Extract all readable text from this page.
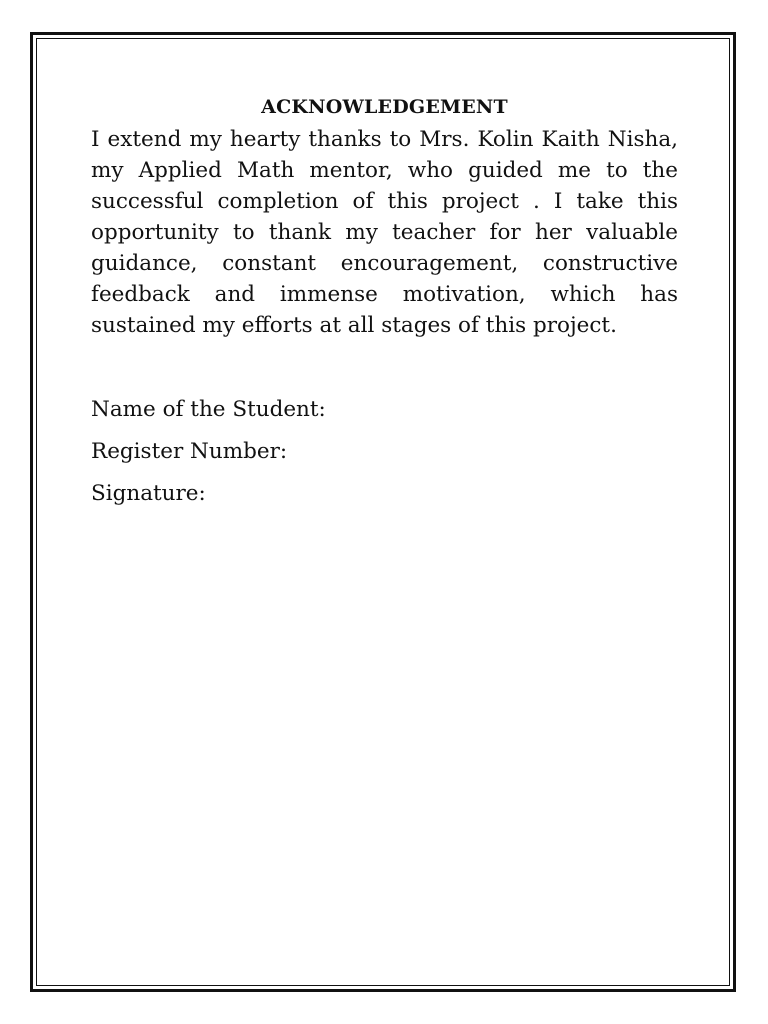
ACKNOWLEDGEMENT

I extend my hearty thanks to Mrs. Kolin Kaith Nisha, my Applied Math mentor, who guided me to the successful completion of this project . I take this opportunity to thank my teacher for her valuable guidance, constant encouragement, constructive feedback and immense motivation, which has sustained my efforts at all stages of this project.

Name of the Student:

Register Number:

Signature:
